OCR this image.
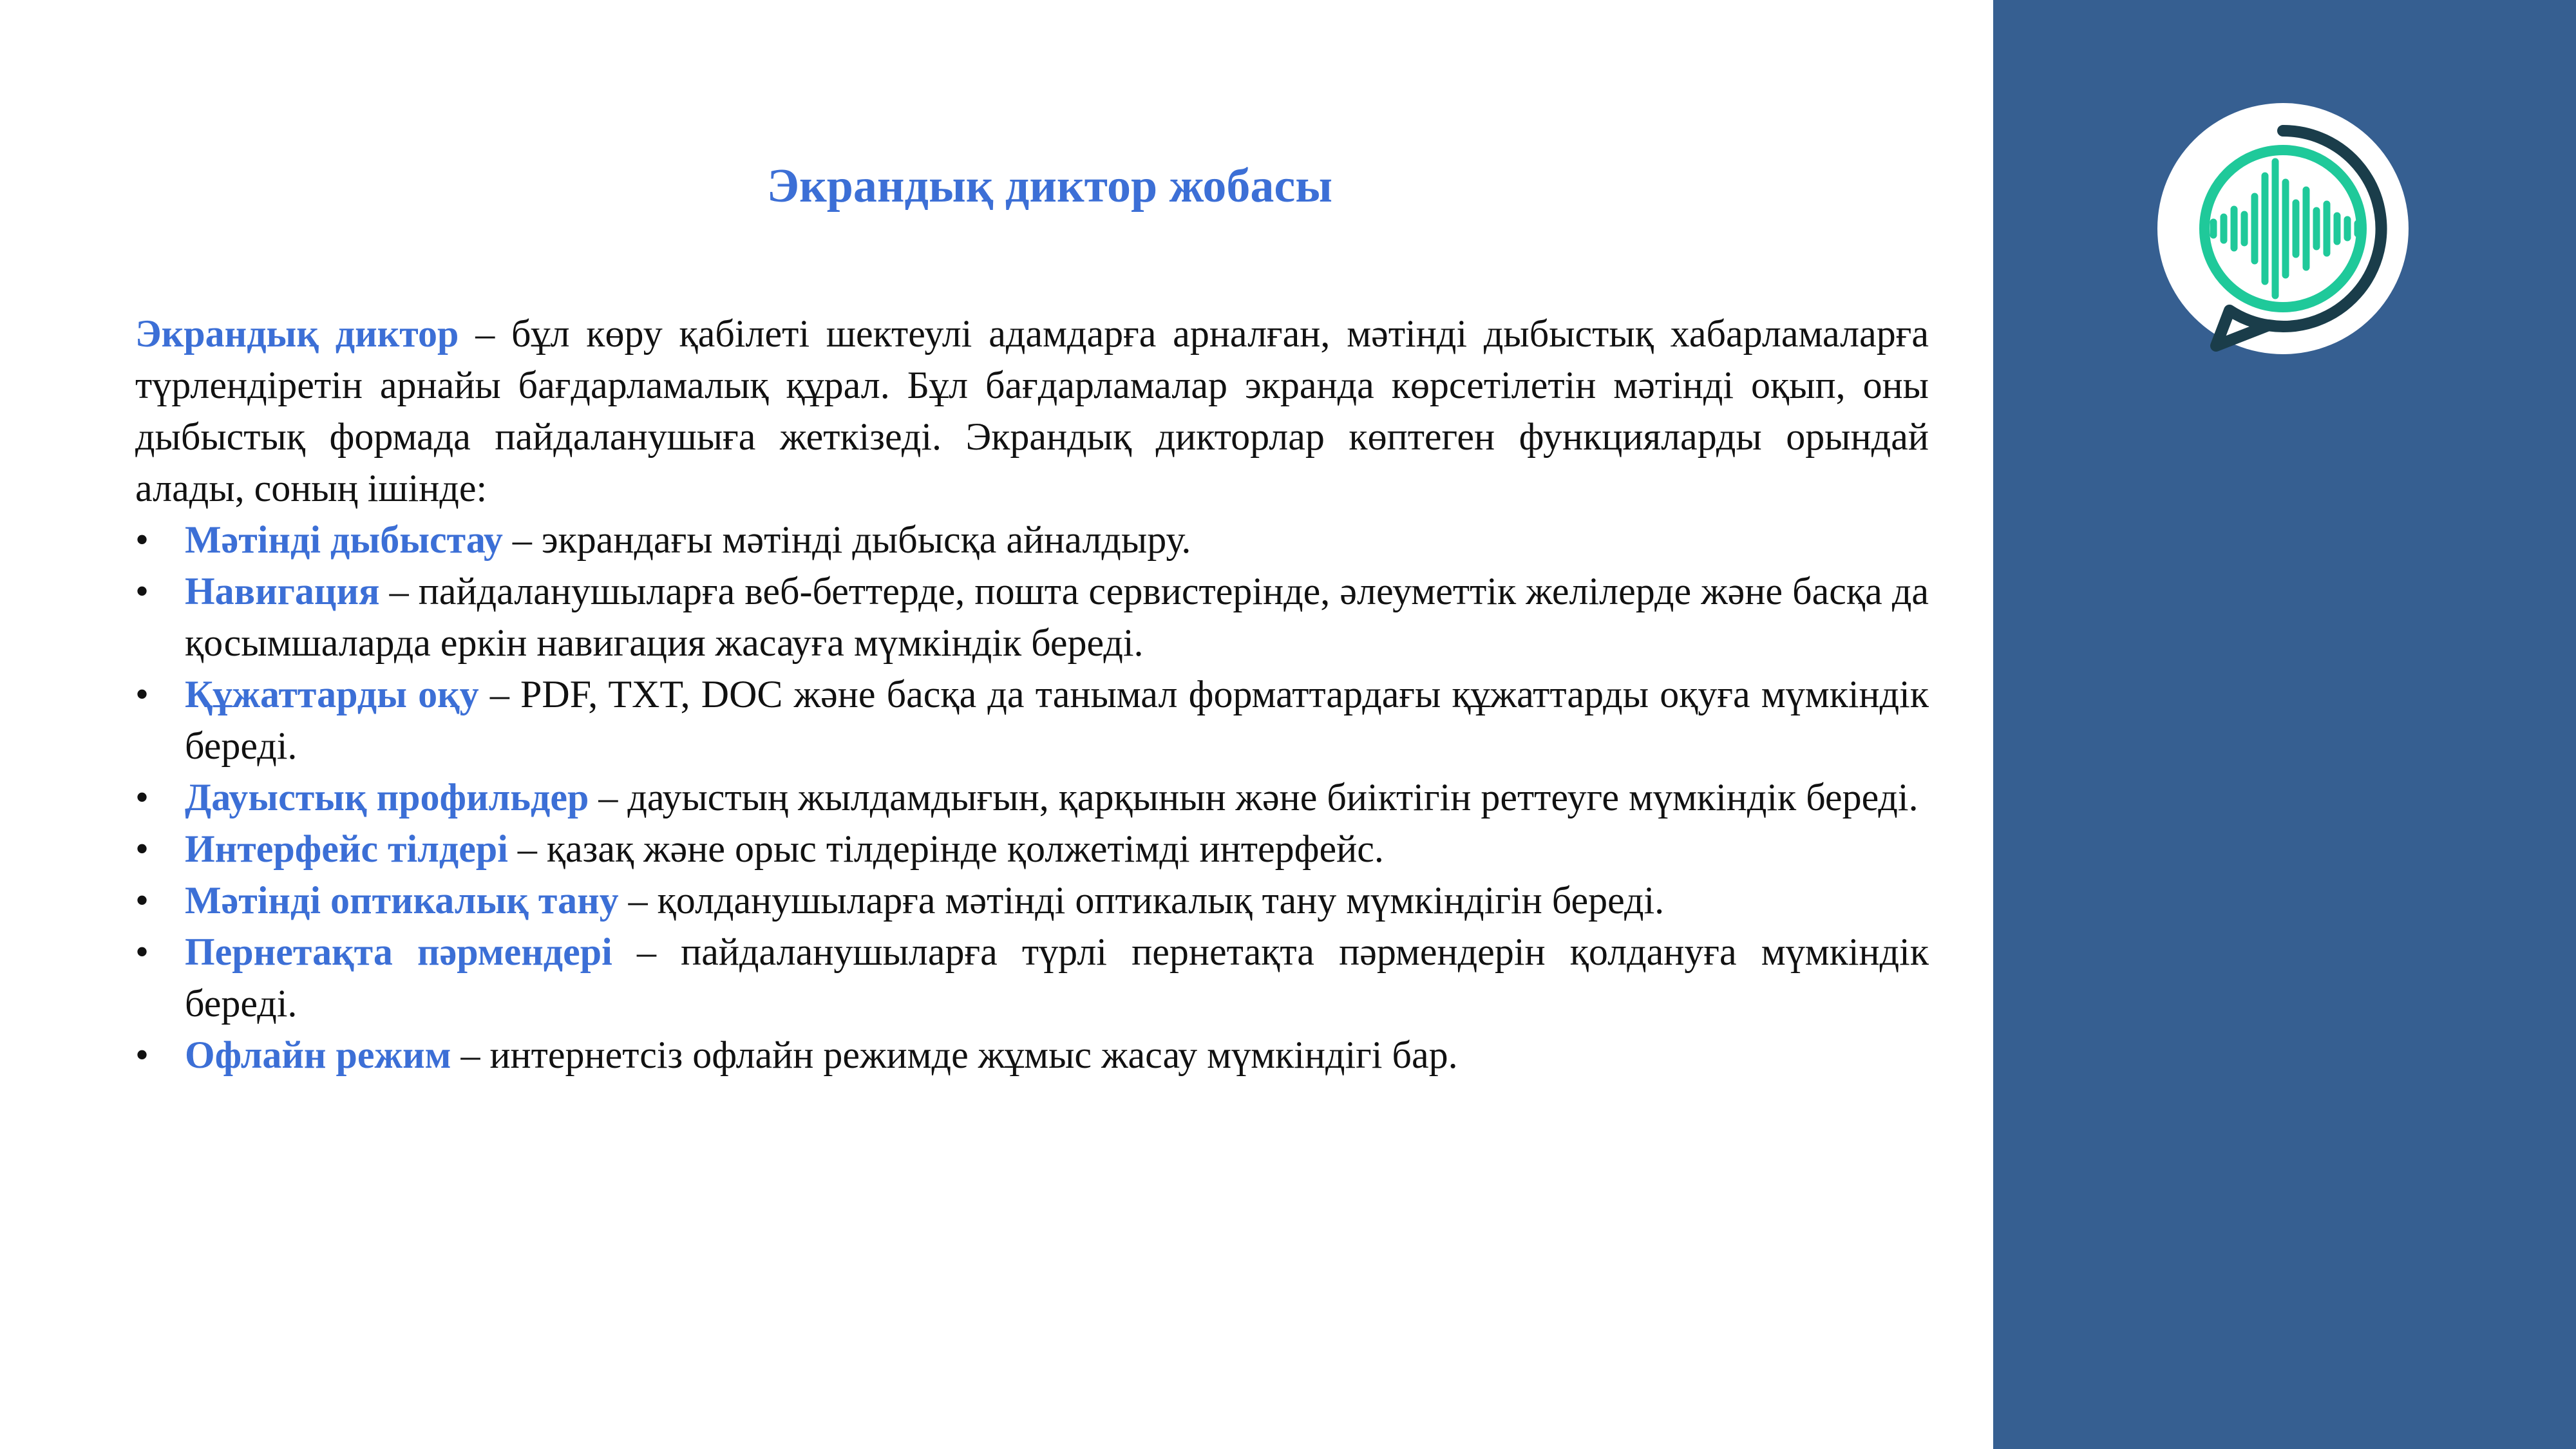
Экрандық диктор жобасы

Экрандық диктор – бұл көру қабілеті шектеулі адамдарға арналған, мәтінді дыбыстық хабарламаларға түрлендіретін арнайы бағдарламалық құрал. Бұл бағдарламалар экранда көрсетілетін мәтінді оқып, оны дыбыстық формада пайдаланушыға жеткізеді. Экрандық дикторлар көптеген функцияларды орындай алады, соның ішінде:

• Мәтінді дыбыстау – экрандағы мәтінді дыбысқа айналдыру.
• Навигация – пайдаланушыларға веб-беттерде, пошта сервистерінде, әлеуметтік желілерде және басқа да қосымшаларда еркін навигация жасауға мүмкіндік береді.
• Құжаттарды оқу – PDF, TXT, DOC және басқа да танымал форматтардағы құжаттарды оқуға мүмкіндік береді.
• Дауыстық профильдер – дауыстың жылдамдығын, қарқынын және биіктігін реттеуге мүмкіндік береді.
• Интерфейс тілдері – қазақ және орыс тілдерінде қолжетімді интерфейс.
• Мәтінді оптикалық тану – қолданушыларға мәтінді оптикалық тану мүмкіндігін береді.
• Пернетақта пәрмендері – пайдаланушыларға түрлі пернетақта пәрмендерін қолдануға мүмкіндік береді.
• Офлайн режим – интернетсіз офлайн режимде жұмыс жасау мүмкіндігі бар.
